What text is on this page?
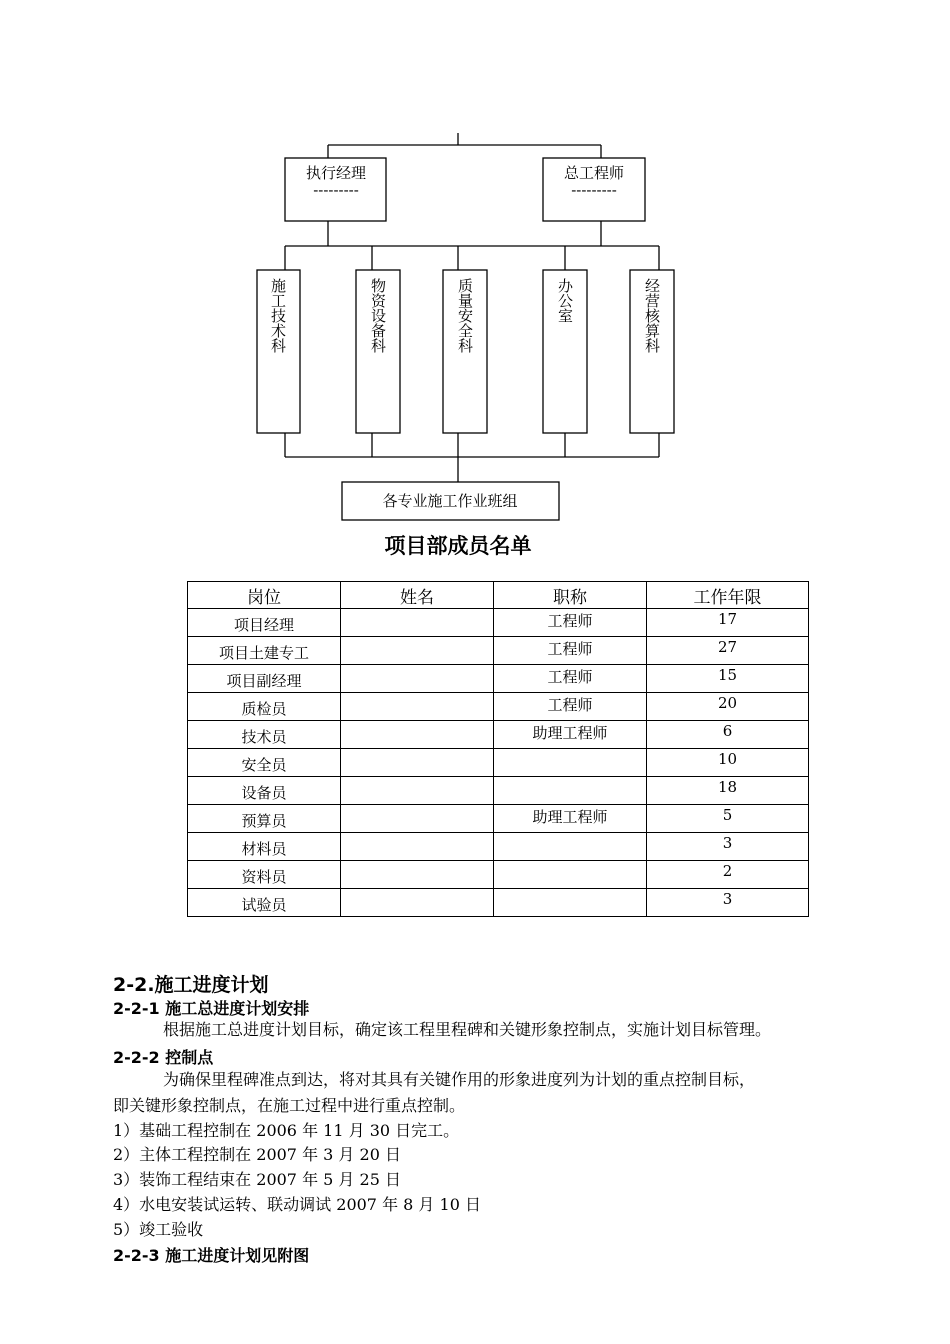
执行经理
---------
总工程师
---------
施工技术科	物资设备科	质量安全科	办公室	经营核算科
各专业施工作业班组
项目部成员名单
岗位	姓名	职称	工作年限
项目经理		工程师	17
项目土建专工		工程师	27
项目副经理		工程师	15
质检员		工程师	20
技术员		助理工程师	6
安全员			10
设备员			18
预算员		助理工程师	5
材料员			3
资料员			2
试验员			3
2-2.施工进度计划
2-2-1 施工总进度计划安排

根据施工总进度计划目标，确定该工程里程碑和关键形象控制点，实施计划目标管理。

2-2-2 控制点

为确保里程碑准点到达，将对其具有关键作用的形象进度列为计划的重点控制目标，

即关键形象控制点，在施工过程中进行重点控制。

1）基础工程控制在 2006 年 11 月 30 日完工。

2）主体工程控制在 2007 年 3 月 20 日

3）装饰工程结束在 2007 年 5 月 25 日

4）水电安装试运转、联动调试 2007 年 8 月 10 日

5）竣工验收

2-2-3 施工进度计划见附图
